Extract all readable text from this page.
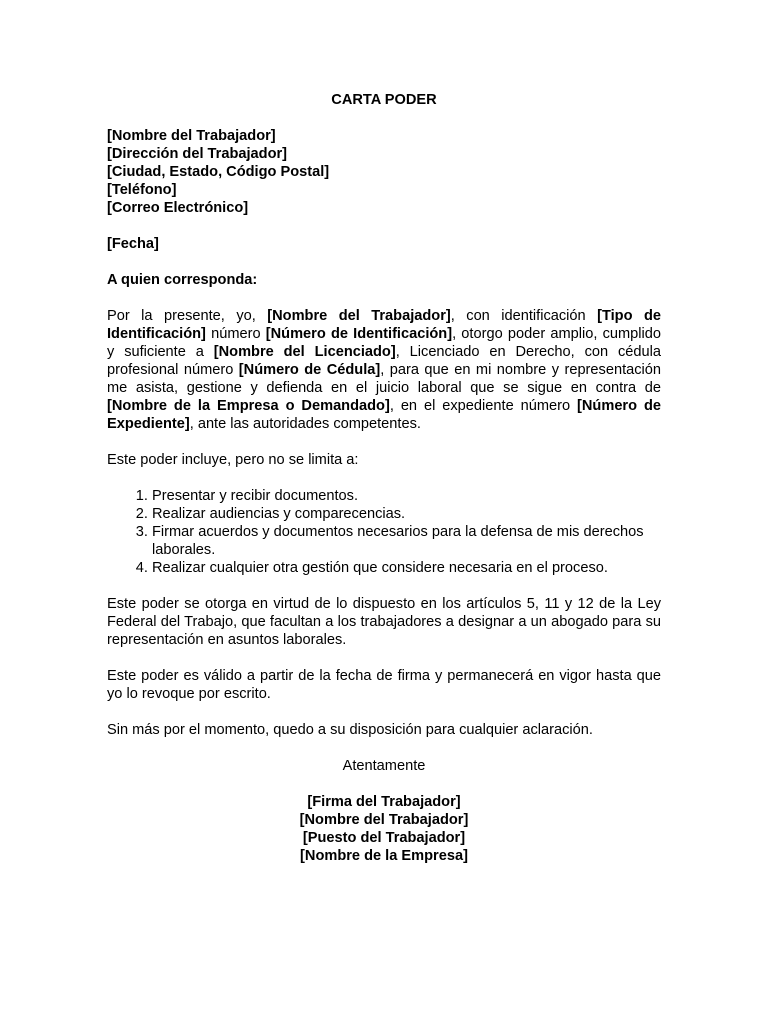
CARTA PODER
[Nombre del Trabajador]
[Dirección del Trabajador]
[Ciudad, Estado, Código Postal]
[Teléfono]
[Correo Electrónico]
[Fecha]
A quien corresponda:
Por la presente, yo, [Nombre del Trabajador], con identificación [Tipo de Identificación] número [Número de Identificación], otorgo poder amplio, cumplido y suficiente a [Nombre del Licenciado], Licenciado en Derecho, con cédula profesional número [Número de Cédula], para que en mi nombre y representación me asista, gestione y defienda en el juicio laboral que se sigue en contra de [Nombre de la Empresa o Demandado], en el expediente número [Número de Expediente], ante las autoridades competentes.
Este poder incluye, pero no se limita a:
1. Presentar y recibir documentos.
2. Realizar audiencias y comparecencias.
3. Firmar acuerdos y documentos necesarios para la defensa de mis derechos laborales.
4. Realizar cualquier otra gestión que considere necesaria en el proceso.
Este poder se otorga en virtud de lo dispuesto en los artículos 5, 11 y 12 de la Ley Federal del Trabajo, que facultan a los trabajadores a designar a un abogado para su representación en asuntos laborales.
Este poder es válido a partir de la fecha de firma y permanecerá en vigor hasta que yo lo revoque por escrito.
Sin más por el momento, quedo a su disposición para cualquier aclaración.
Atentamente
[Firma del Trabajador]
[Nombre del Trabajador]
[Puesto del Trabajador]
[Nombre de la Empresa]
